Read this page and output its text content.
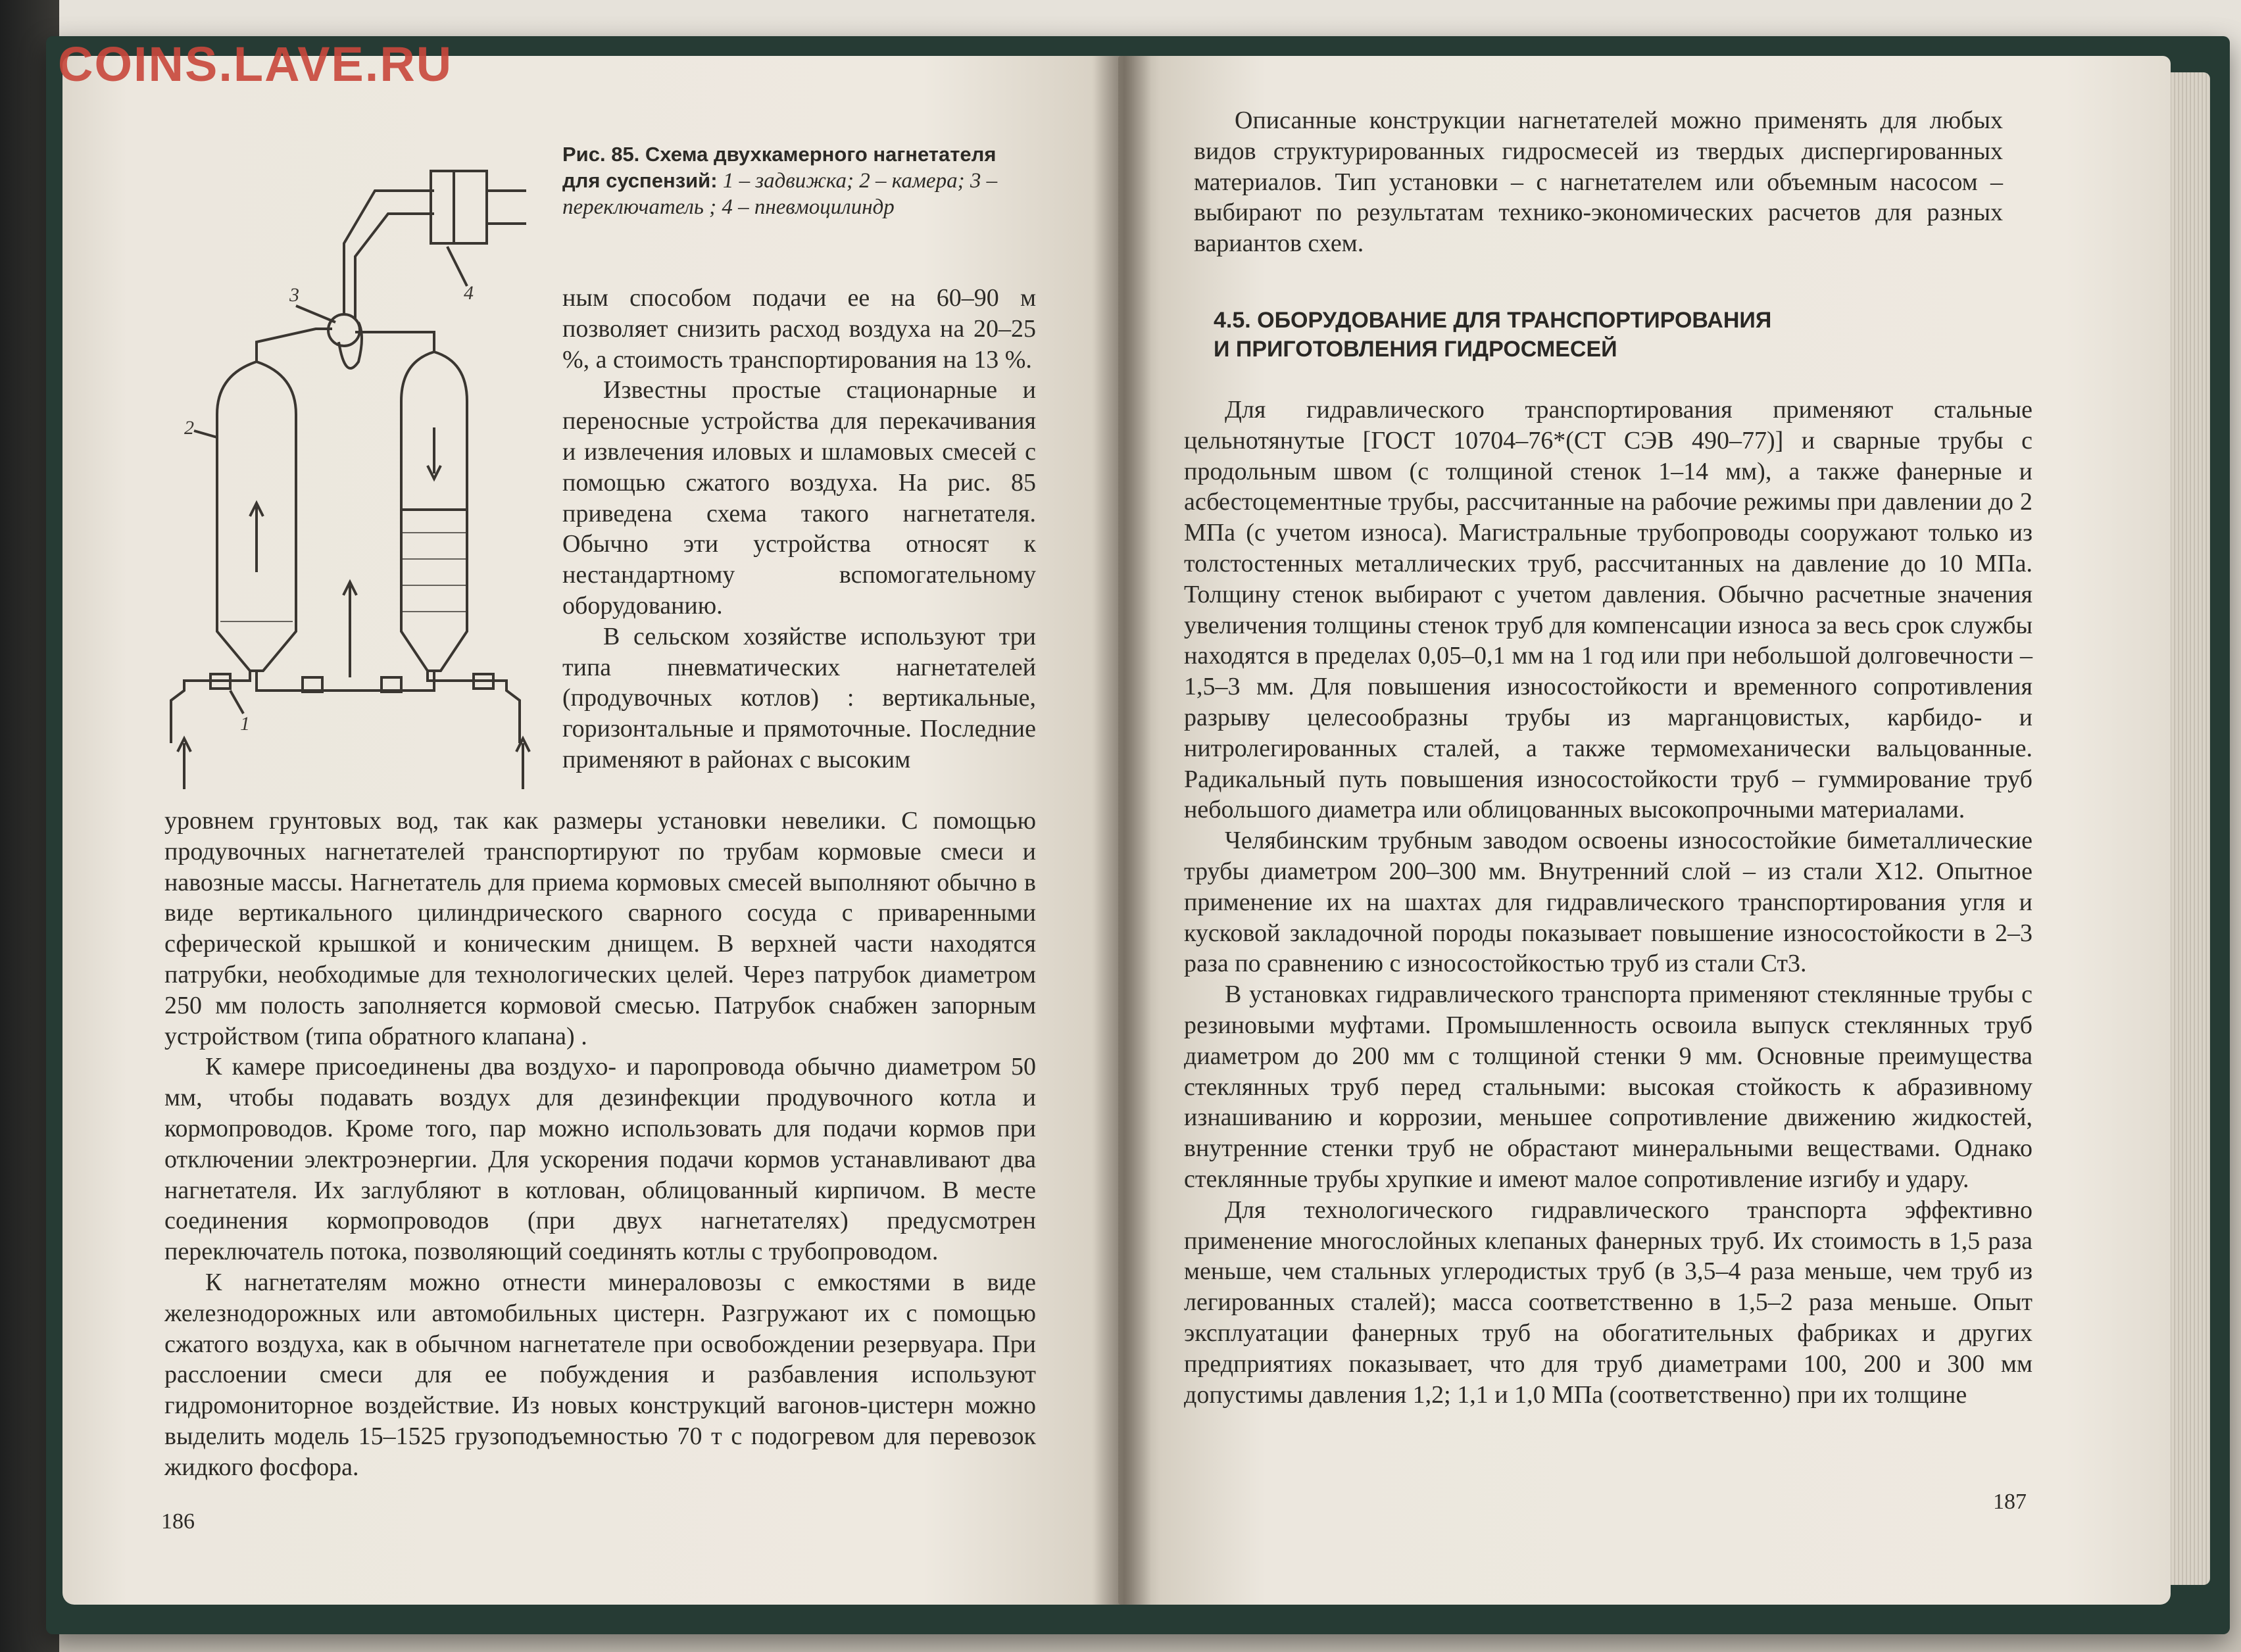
COINS.LAVE.RU
2
3	4
1
Рис. 85. Схема двухкамерного нагнетателя для суспензий: 1 – задвижка; 2 – камера; 3 – переключатель ; 4 – пневмоцилиндр

ным способом подачи ее на 60–90 м позволяет снизить расход воздуха на 20–25 %, а стоимость транспортирования на 13 %.

Известны простые стационарные и переносные устройства для перекачивания и извлечения иловых и шламовых смесей с помощью сжатого воздуха. На рис. 85 приведена схема такого нагнетателя. Обычно эти устройства относят к нестандартному вспомогательному оборудованию.

В сельском хозяйстве используют три типа пневматических нагнетателей (продувочных котлов) : вертикальные, горизонтальные и прямоточные. Последние применяют в районах с высоким

уровнем грунтовых вод, так как размеры установки невелики. С помощью продувочных нагнетателей транспортируют по трубам кормовые смеси и навозные массы. Нагнетатель для приема кормовых смесей выполняют обычно в виде вертикального цилиндрического сварного сосуда с приваренными сферической крышкой и коническим днищем. В верхней части находятся патрубки, необходимые для технологических целей. Через патрубок диаметром 250 мм полость заполняется кормовой смесью. Патрубок снабжен запорным устройством (типа обратного клапана) .

К камере присоединены два воздухо- и паропровода обычно диаметром 50 мм, чтобы подавать воздух для дезинфекции продувочного котла и кормопроводов. Кроме того, пар можно использовать для подачи кормов при отключении электроэнергии. Для ускорения подачи кормов устанавливают два нагнетателя. Их заглубляют в котлован, облицованный кирпичом. В месте соединения кормопроводов (при двух нагнетателях) предусмотрен переключатель потока, позволяющий соединять котлы с трубопроводом.

К нагнетателям можно отнести минераловозы с емкостями в виде железнодорожных или автомобильных цистерн. Разгружают их с помощью сжатого воздуха, как в обычном нагнетателе при освобождении резервуара. При расслоении смеси для ее побуждения и разбавления используют гидромониторное воздействие. Из новых конструкций вагонов-цистерн можно выделить модель 15–1525 грузоподъемностью 70 т с подогревом для перевозок жидкого фосфора.

186

Описанные конструкции нагнетателей можно применять для любых видов структурированных гидросмесей из твердых диспергированных материалов. Тип установки – с нагнетателем или объемным насосом – выбирают по результатам технико-экономических расчетов для разных вариантов схем.

4.5. ОБОРУДОВАНИЕ ДЛЯ ТРАНСПОРТИРОВАНИЯ
И ПРИГОТОВЛЕНИЯ ГИДРОСМЕСЕЙ

Для гидравлического транспортирования применяют стальные цельнотянутые [ГОСТ 10704–76*(СТ СЭВ 490–77)] и сварные трубы с продольным швом (с толщиной стенок 1–14 мм), а также фанерные и асбестоцементные трубы, рассчитанные на рабочие режимы при давлении до 2 МПа (с учетом износа). Магистральные трубопроводы сооружают только из толстостенных металлических труб, рассчитанных на давление до 10 МПа. Толщину стенок выбирают с учетом давления. Обычно расчетные значения увеличения толщины стенок труб для компенсации износа за весь срок службы находятся в пределах 0,05–0,1 мм на 1 год или при небольшой долговечности – 1,5–3 мм. Для повышения износостойкости и временного сопротивления разрыву целесообразны трубы из марганцовистых, карбидо- и нитролегированных сталей, а также термомеханически вальцованные. Радикальный путь повышения износостойкости труб – гуммирование труб небольшого диаметра или облицованных высокопрочными материалами.

Челябинским трубным заводом освоены износостойкие биметаллические трубы диаметром 200–300 мм. Внутренний слой – из стали Х12. Опытное применение их на шахтах для гидравлического транспортирования угля и кусковой закладочной породы показывает повышение износостойкости в 2–3 раза по сравнению с износостойкостью труб из стали Ст3.

В установках гидравлического транспорта применяют стеклянные трубы с резиновыми муфтами. Промышленность освоила выпуск стеклянных труб диаметром до 200 мм с толщиной стенки 9 мм. Основные преимущества стеклянных труб перед стальными: высокая стойкость к абразивному изнашиванию и коррозии, меньшее сопротивление движению жидкостей, внутренние стенки труб не обрастают минеральными веществами. Однако стеклянные трубы хрупкие и имеют малое сопротивление изгибу и удару.

Для технологического гидравлического транспорта эффективно применение многослойных клепаных фанерных труб. Их стоимость в 1,5 раза меньше, чем стальных углеродистых труб (в 3,5–4 раза меньше, чем труб из легированных сталей); масса соответственно в 1,5–2 раза меньше. Опыт эксплуатации фанерных труб на обогатительных фабриках и других предприятиях показывает, что для труб диаметрами 100, 200 и 300 мм допустимы давления 1,2; 1,1 и 1,0 МПа (соответственно) при их толщине

187
